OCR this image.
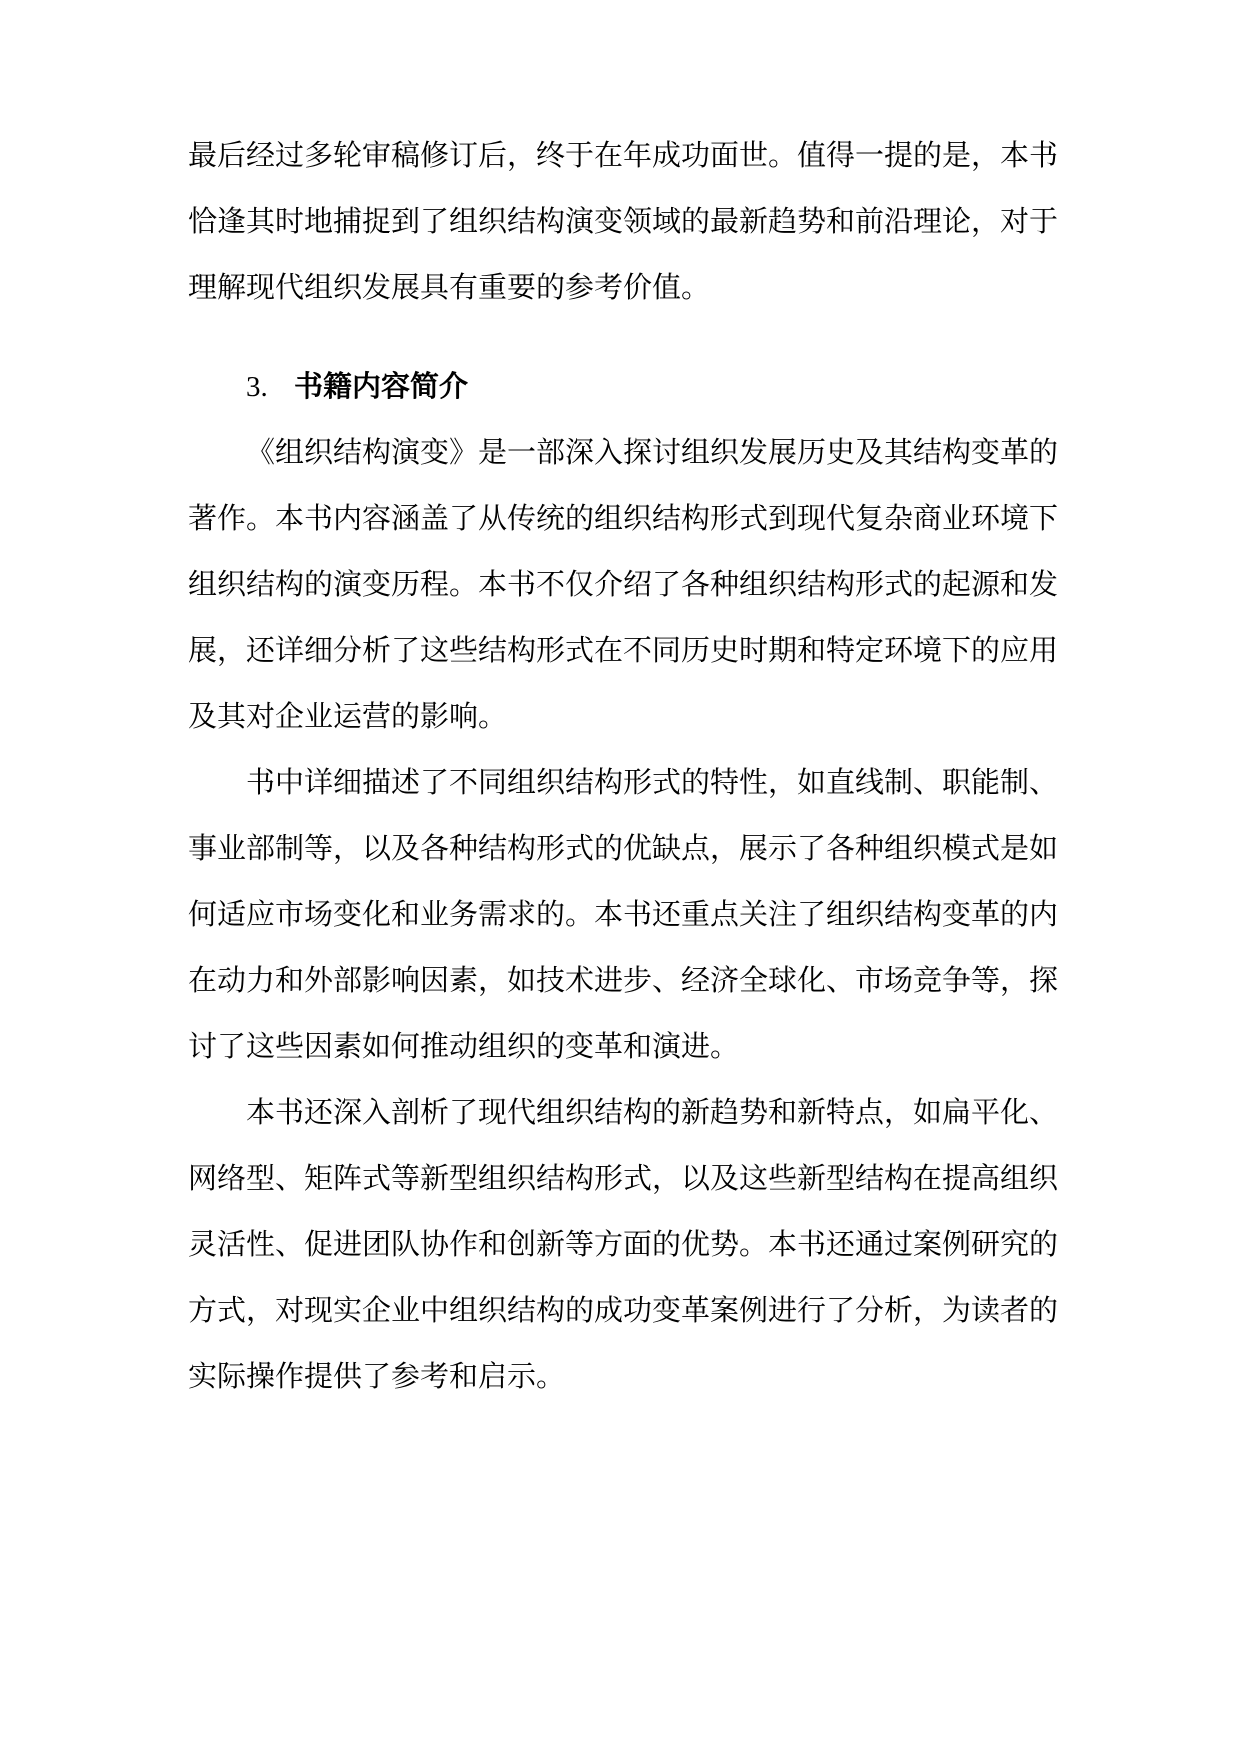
最后经过多轮审稿修订后，终于在年成功面世。值得一提的是，本书
恰逢其时地捕捉到了组织结构演变领域的最新趋势和前沿理论，对于
理解现代组织发展具有重要的参考价值。
3. 书籍内容简介
《组织结构演变》是一部深入探讨组织发展历史及其结构变革的
著作。本书内容涵盖了从传统的组织结构形式到现代复杂商业环境下
组织结构的演变历程。本书不仅介绍了各种组织结构形式的起源和发
展，还详细分析了这些结构形式在不同历史时期和特定环境下的应用
及其对企业运营的影响。
书中详细描述了不同组织结构形式的特性，如直线制、职能制、
事业部制等，以及各种结构形式的优缺点，展示了各种组织模式是如
何适应市场变化和业务需求的。本书还重点关注了组织结构变革的内
在动力和外部影响因素，如技术进步、经济全球化、市场竞争等，探
讨了这些因素如何推动组织的变革和演进。
本书还深入剖析了现代组织结构的新趋势和新特点，如扁平化、
网络型、矩阵式等新型组织结构形式，以及这些新型结构在提高组织
灵活性、促进团队协作和创新等方面的优势。本书还通过案例研究的
方式，对现实企业中组织结构的成功变革案例进行了分析，为读者的
实际操作提供了参考和启示。
